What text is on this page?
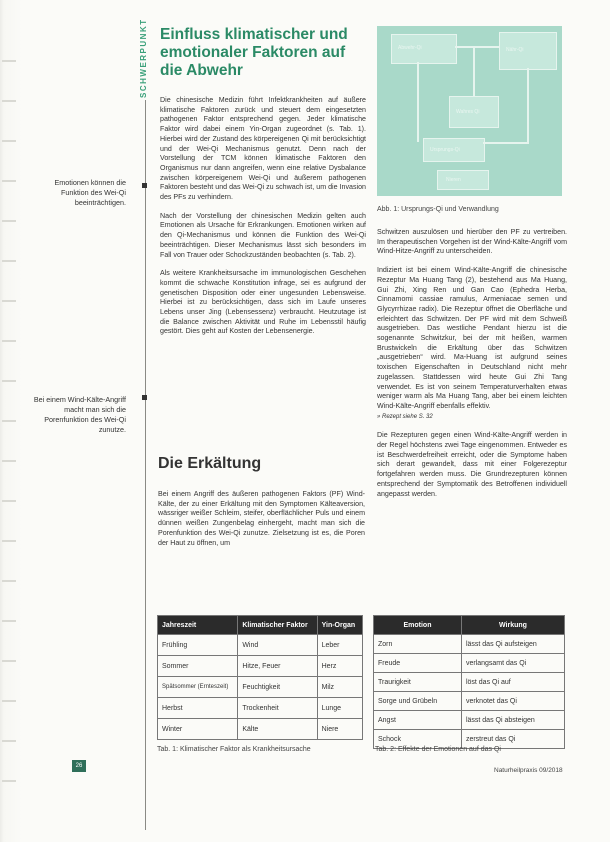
SCHWERPUNKT
Emotionen können die Funktion des Wei-Qi beeinträchtigen.
Bei einem Wind-Kälte-Angriff macht man sich die Porenfunktion des Wei-Qi zunutze.
Einfluss klimatischer und emotionaler Faktoren auf die Abwehr

Die chinesische Medizin führt Infektkrankheiten auf äußere klimatische Faktoren zurück und steuert dem eingesetzten pathogenen Faktor entsprechend gegen. Jeder klimatische Faktor wird dabei einem Yin-Organ zugeordnet (s. Tab. 1). Hierbei wird der Zustand des körpereigenen Qi mit berücksichtigt und der Wei-Qi Mechanismus genutzt. Denn nach der Vorstellung der TCM können klimatische Faktoren den Organismus nur dann angreifen, wenn eine relative Dysbalance zwischen körpereigenem Wei-Qi und äußerem pathogenen Faktoren besteht und das Wei-Qi zu schwach ist, um die Invasion des PFs zu verhindern.

Nach der Vorstellung der chinesischen Medizin gelten auch Emotionen als Ursache für Erkrankungen. Emotionen wirken auf den Qi-Mechanismus und können die Funktion des Wei-Qi beeinträchtigen. Dieser Mechanismus lässt sich besonders im Fall von Trauer oder Schockzuständen beobachten (s. Tab. 2).

Als weitere Krankheitsursache im immunologischen Geschehen kommt die schwache Konstitution infrage, sei es aufgrund der genetischen Disposition oder einer ungesunden Lebensweise. Hierbei ist zu berücksichtigen, dass sich im Laufe unseres Lebens unser Jing (Lebensessenz) verbraucht. Heutzutage ist die Balance zwischen Aktivität und Ruhe im Lebensstil häufig gestört. Dies geht auf Kosten der Lebensenergie.

Die Erkältung

Bei einem Angriff des äußeren pathogenen Faktors (PF) Wind-Kälte, der zu einer Erkältung mit den Symptomen Kälteaversion, wässriger weißer Schleim, steifer, oberflächlicher Puls und einem dünnen weißen Zungenbelag einhergeht, macht man sich die Porenfunktion des Wei-Qi zunutze. Zielsetzung ist es, die Poren der Haut zu öffnen, um

Abwehr-Qi	Nähr-Qi
Wahres Qi
Ursprungs-Qi
Nieren
Abb. 1: Ursprungs-Qi und Verwandlung

Schwitzen auszulösen und hierüber den PF zu vertreiben. Im therapeutischen Vorgehen ist der Wind-Kälte-Angriff vom Wind-Hitze-Angriff zu unterscheiden.

Indiziert ist bei einem Wind-Kälte-Angriff die chinesische Rezeptur Ma Huang Tang (2), bestehend aus Ma Huang, Gui Zhi, Xing Ren und Gan Cao (Ephedra Herba, Cinnamomi cassiae ramulus, Armeniacae semen und Glycyrrhizae radix). Die Rezeptur öffnet die Oberfläche und erleichtert das Schwitzen. Der PF wird mit dem Schweiß ausgetrieben. Das westliche Pendant hierzu ist die sogenannte Schwitzkur, bei der mit heißen, warmen Brustwickeln die Erkältung über das Schwitzen „ausgetrieben“ wird. Ma-Huang ist aufgrund seines toxischen Eigenschaften in Deutschland nicht mehr zugelassen. Stattdessen wird heute Gui Zhi Tang verwendet. Es ist von seinem Temperaturverhalten etwas weniger warm als Ma Huang Tang, aber bei einem leichten Wind-Kälte-Angriff ebenfalls effektiv.

» Rezept siehe S. 32

Die Rezepturen gegen einen Wind-Kälte-Angriff werden in der Regel höchstens zwei Tage eingenommen. Entweder es ist Beschwerdefreiheit erreicht, oder die Symptome haben sich derart gewandelt, dass mit einer Folgerezeptur fortgefahren werden muss. Die Grundrezepturen können entsprechend der Symptomatik des Betroffenen individuell angepasst werden.

Jahreszeit	Klimatischer Faktor	Yin-Organ
Frühling	Wind	Leber
Sommer	Hitze, Feuer	Herz
Spätsommer (Ernteszeit)	Feuchtigkeit	Milz
Herbst	Trockenheit	Lunge
Winter	Kälte	Niere
Tab. 1: Klimatischer Faktor als Krankheitsursache
Emotion	Wirkung
Zorn	lässt das Qi aufsteigen
Freude	verlangsamt das Qi
Traurigkeit	löst das Qi auf
Sorge und Grübeln	verknotet das Qi
Angst	lässt das Qi absteigen
Schock	zerstreut das Qi
Tab. 2: Effekte der Emotionen auf das Qi
26
Naturheilpraxis 09/2018
